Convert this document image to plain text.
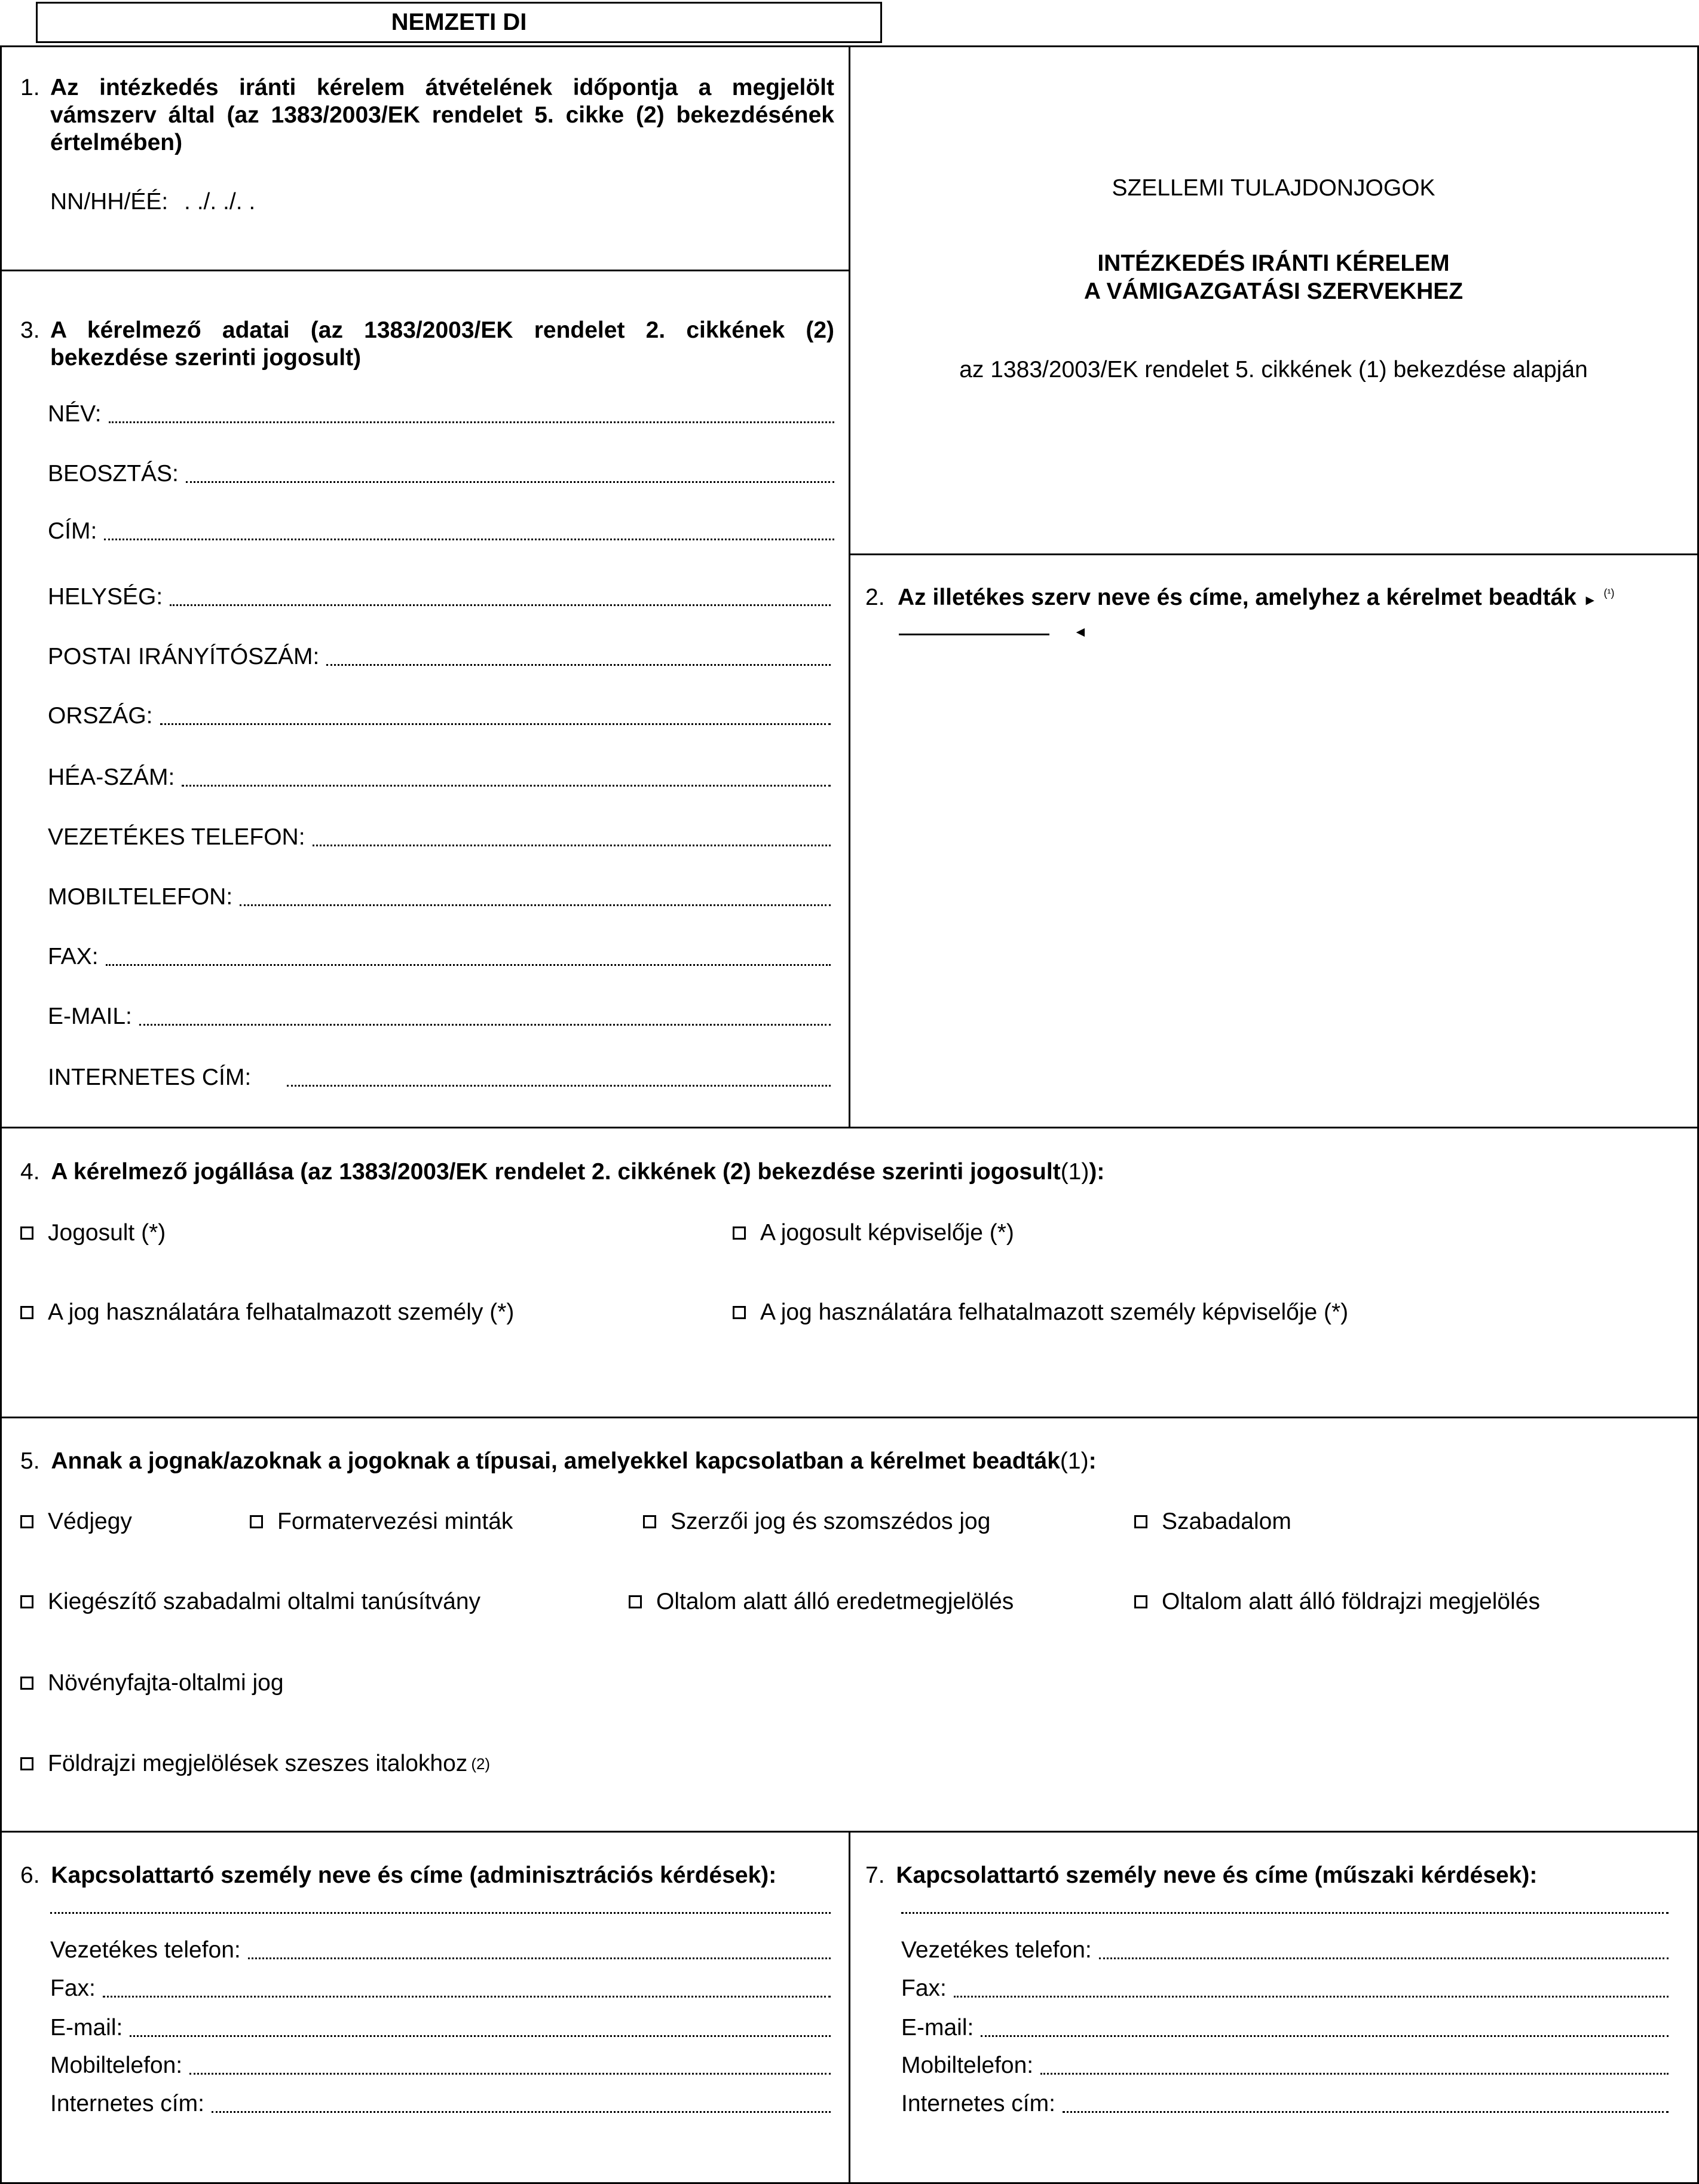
NEMZETI DI
1. Az intézkedés iránti kérelem átvételének időpontja a megjelölt vámszerv által (az 1383/2003/EK rendelet 5. cikke (2) bekezdésének értelmében)
NN/HH/ÉÉ: . ./. ./. .
SZELLEMI TULAJDONJOGOK
INTÉZKEDÉS IRÁNTI KÉRELEM
A VÁMIGAZGATÁSI SZERVEKHEZ
az 1383/2003/EK rendelet 5. cikkének (1) bekezdése alapján
2. Az illetékes szerv neve és címe, amelyhez a kérelmet beadták ► $^{(^1)}$
◄
3. A kérelmező adatai (az 1383/2003/EK rendelet 2. cikkének (2) bekezdése szerinti jogosult)
NÉV:
BEOSZTÁS:
CÍM:
HELYSÉG:
POSTAI IRÁNYÍTÓSZÁM:
ORSZÁG:
HÉA-SZÁM:
VEZETÉKES TELEFON:
MOBILTELEFON:
FAX:
E-MAIL:
INTERNETES CÍM:
4. A kérelmező jogállása (az 1383/2003/EK rendelet 2. cikkének (2) bekezdése szerinti jogosult(1)):
Jogosult (*)	A jogosult képviselője (*)
A jog használatára felhatalmazott személy (*)	A jog használatára felhatalmazott személy képviselője (*)
5. Annak a jognak/azoknak a jogoknak a típusai, amelyekkel kapcsolatban a kérelmet beadták(1):
Védjegy	Formatervezési minták	Szerzői jog és szomszédos jog	Szabadalom
Kiegészítő szabadalmi oltalmi tanúsítvány	Oltalom alatt álló eredetmegjelölés	Oltalom alatt álló földrajzi megjelölés
Növényfajta-oltalmi jog
Földrajzi megjelölések szeszes italokhoz (2)
6. Kapcsolattartó személy neve és címe (adminisztrációs kérdések):
Vezetékes telefon:
Fax:
E-mail:
Mobiltelefon:
Internetes cím:
7. Kapcsolattartó személy neve és címe (műszaki kérdések):
Vezetékes telefon:
Fax:
E-mail:
Mobiltelefon:
Internetes cím:
